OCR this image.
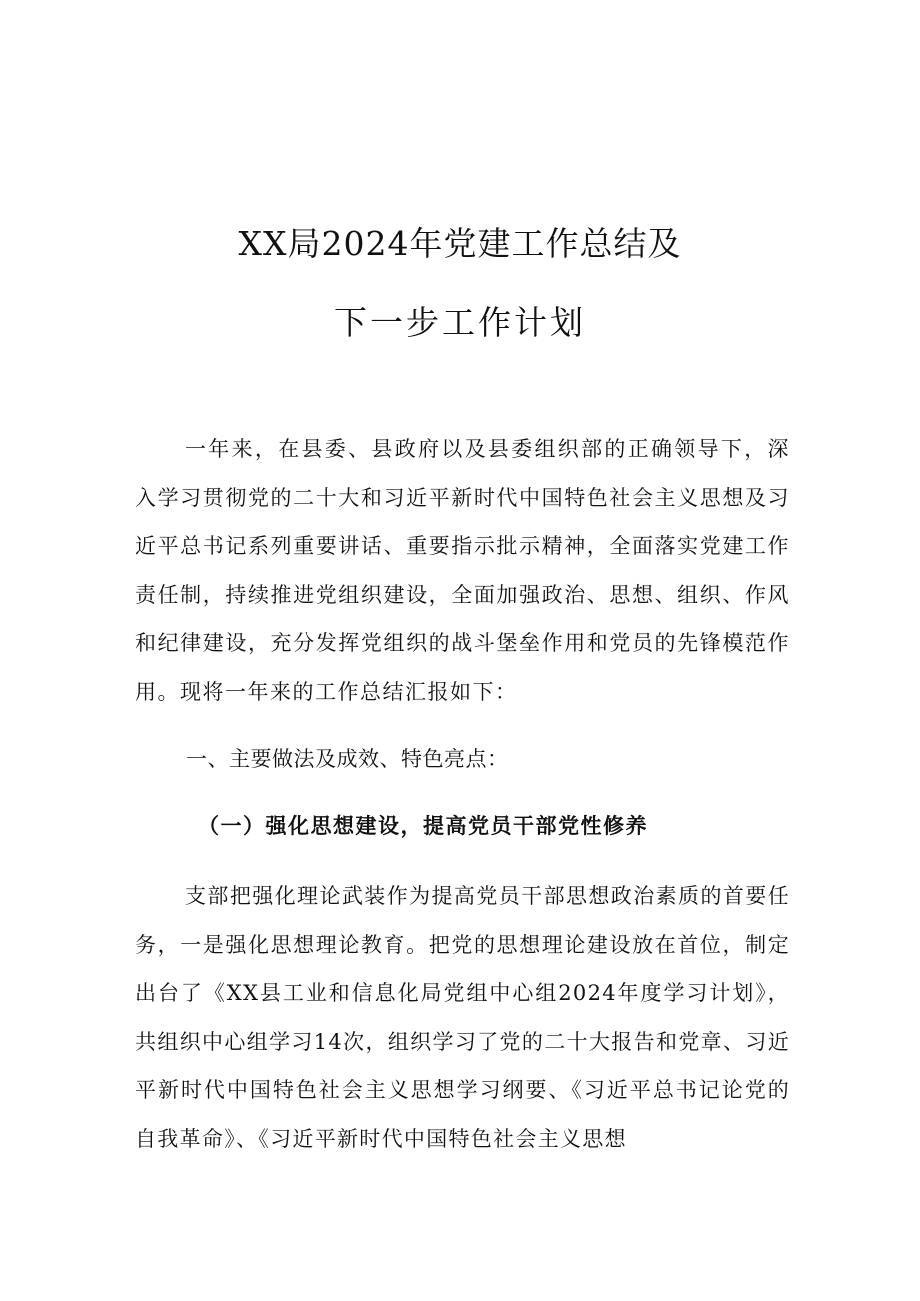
XX局2024年党建工作总结及
下一步工作计划

一年来，在县委、县政府以及县委组织部的正确领导下，深入学习贯彻党的二十大和习近平新时代中国特色社会主义思想及习近平总书记系列重要讲话、重要指示批示精神，全面落实党建工作责任制，持续推进党组织建设，全面加强政治、思想、组织、作风和纪律建设，充分发挥党组织的战斗堡垒作用和党员的先锋模范作用。现将一年来的工作总结汇报如下：

一、主要做法及成效、特色亮点：
（一）强化思想建设，提高党员干部党性修养

支部把强化理论武装作为提高党员干部思想政治素质的首要任务，一是强化思想理论教育。把党的思想理论建设放在首位，制定出台了《XX县工业和信息化局党组中心组2024年度学习计划》，共组织中心组学习14次，组织学习了党的二十大报告和党章、习近平新时代中国特色社会主义思想学习纲要、《习近平总书记论党的自我革命》、《习近平新时代中国特色社会主义思想
